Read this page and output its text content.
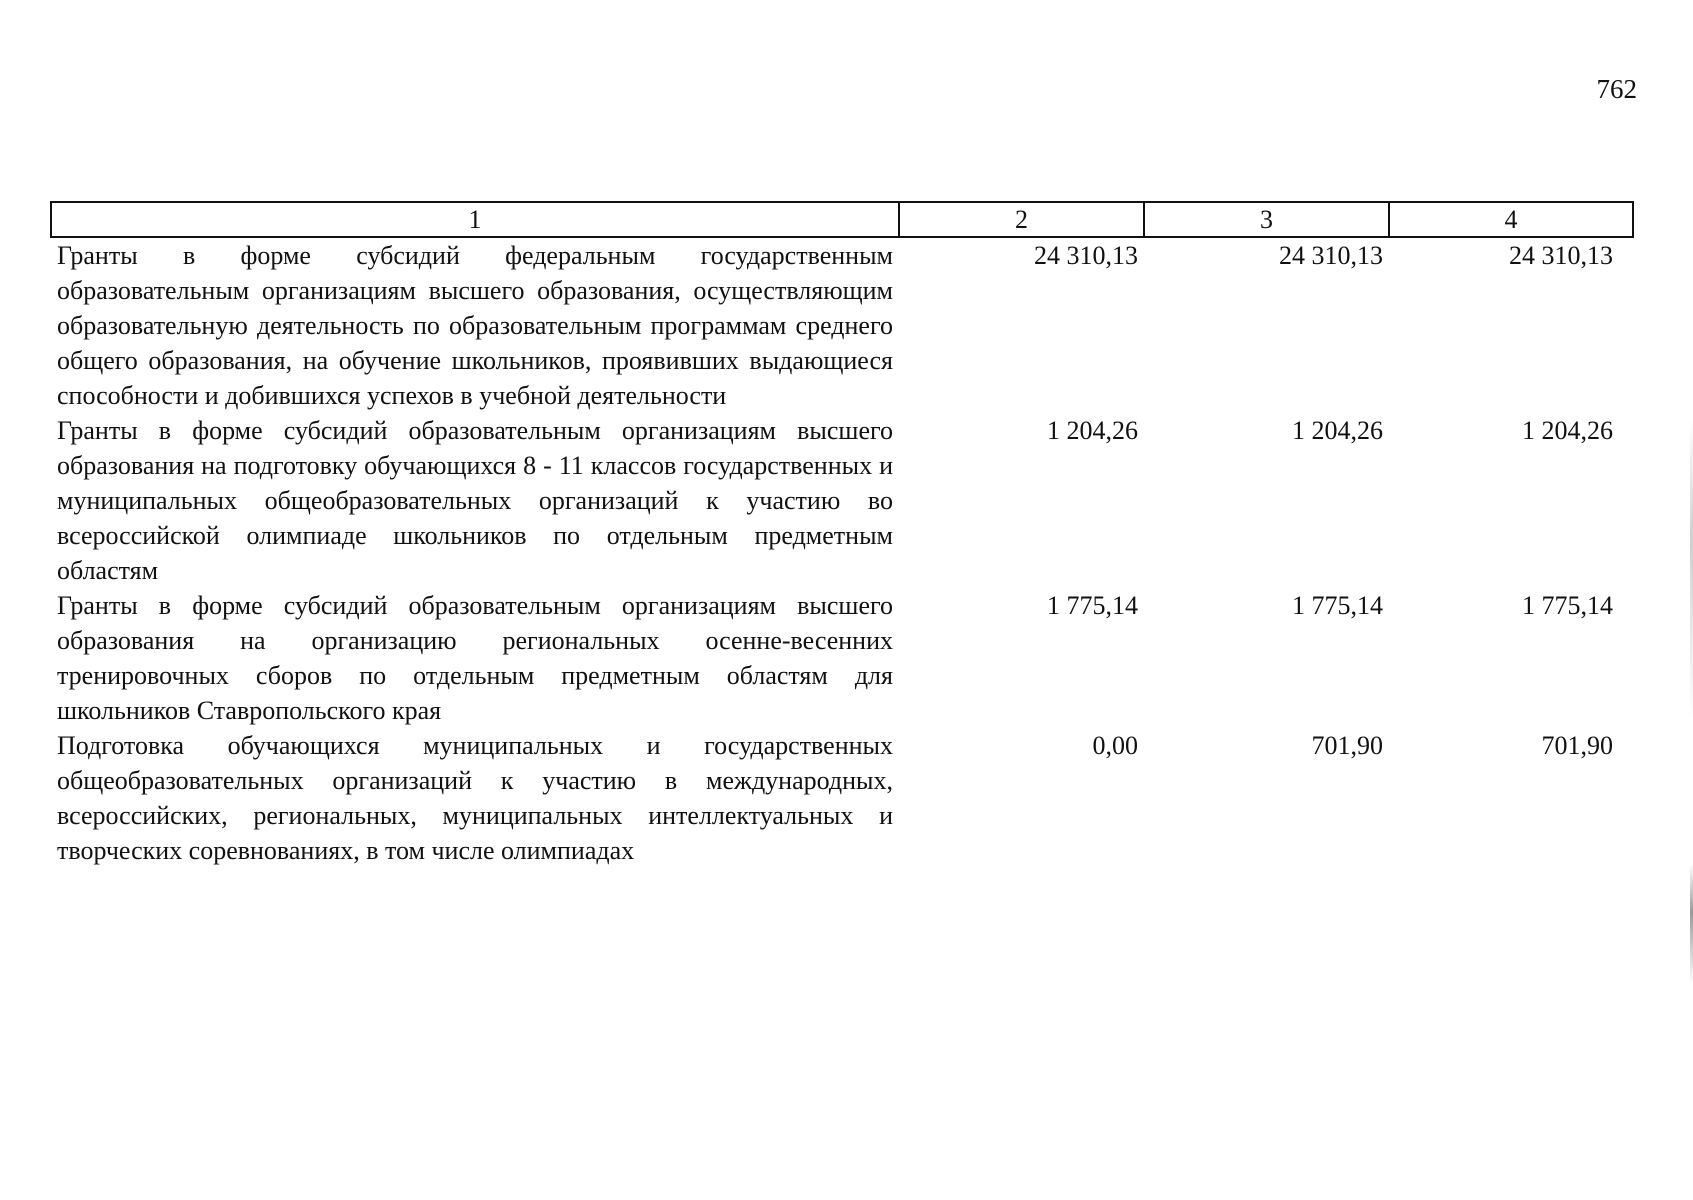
762
1	2	3	4
Гранты в форме субсидий федеральным государственным образовательным организациям высшего образования, осуществляющим образовательную деятельность по образовательным программам среднего общего образования, на обучение школьников, проявивших выдающиеся способности и добившихся успехов в учебной деятельности	24 310,13	24 310,13	24 310,13
Гранты в форме субсидий образовательным организациям высшего образования на подготовку обучающихся 8 - 11 классов государственных и муниципальных общеобразовательных организаций к участию во всероссийской олимпиаде школьников по отдельным предметным областям	1 204,26	1 204,26	1 204,26
Гранты в форме субсидий образовательным организациям высшего образования на организацию региональных осенне-весенних тренировочных сборов по отдельным предметным областям для школьников Ставропольского края	1 775,14	1 775,14	1 775,14
Подготовка обучающихся муниципальных и государственных общеобразовательных организаций к участию в международных, всероссийских, региональных, муниципальных интеллектуальных и творческих соревнованиях, в том числе олимпиадах	0,00	701,90	701,90
